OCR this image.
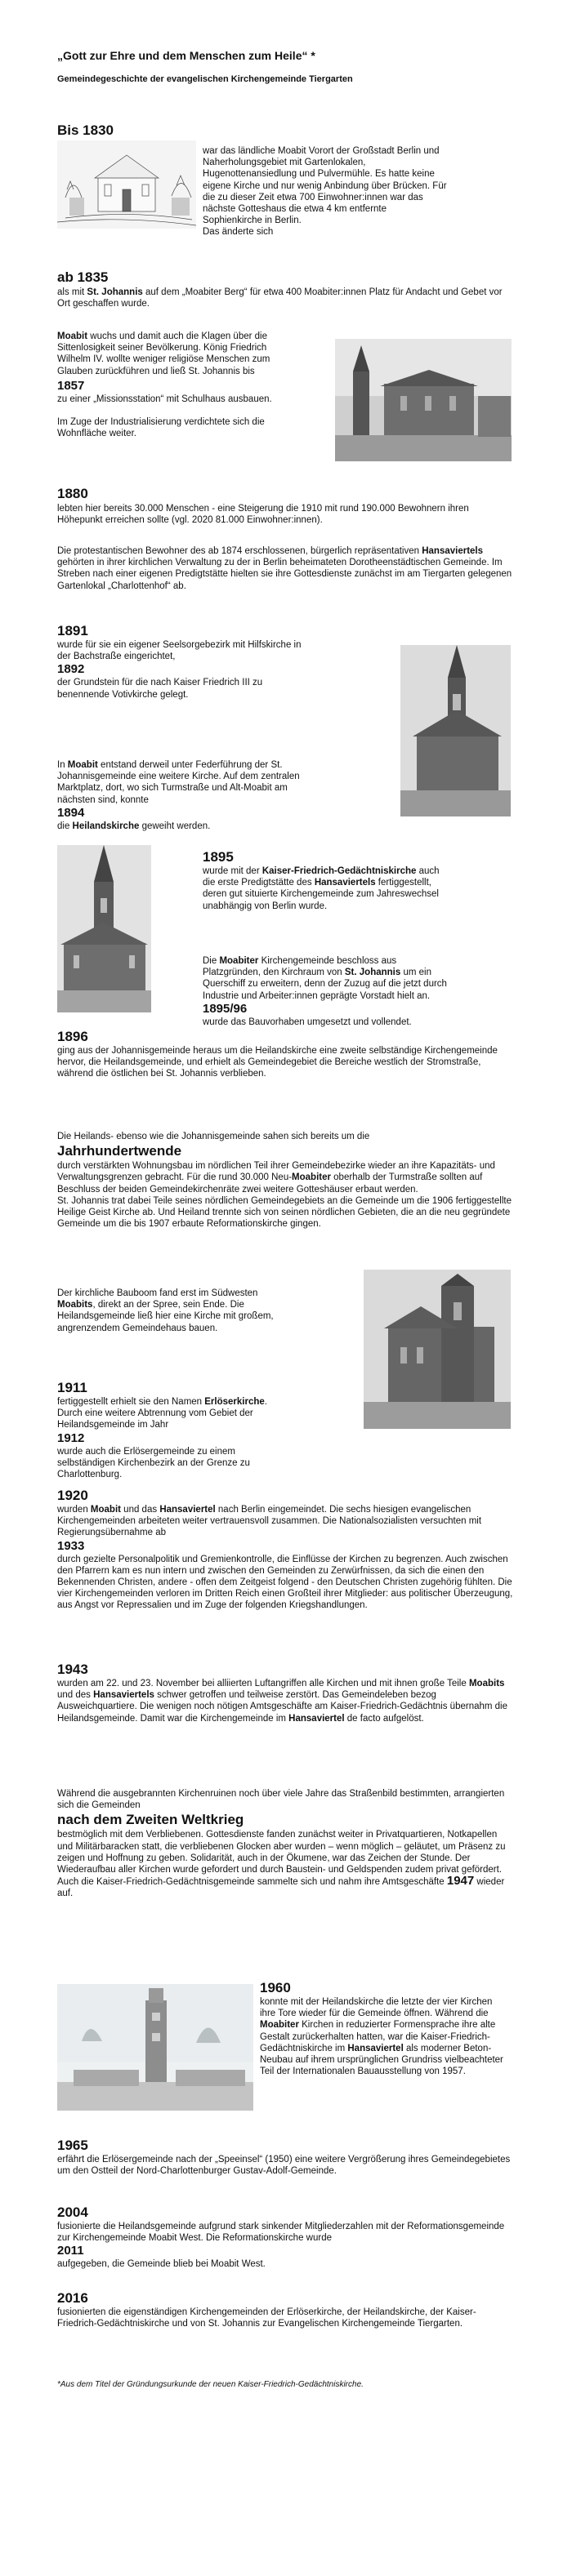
„Gott zur Ehre und dem Menschen zum Heile“ *

Gemeindegeschichte der evangelischen Kirchengemeinde Tiergarten

Bis 1830

war das ländliche Moabit Vorort der Großstadt Berlin und Naherholungsgebiet mit Gartenlokalen, Hugenottenansiedlung und Pulvermühle. Es hatte keine eigene Kirche und nur wenig Anbindung über Brücken. Für die zu dieser Zeit etwa 700 Einwohner:innen war das nächste Gotteshaus die etwa 4 km entfernte Sophienkirche in Berlin.

Das änderte sich

ab 1835

als mit St. Johannis auf dem „Moabiter Berg“ für etwa 400 Moabiter:innen Platz für Andacht und Gebet vor Ort geschaffen wurde.

Moabit wuchs und damit auch die Klagen über die Sittenlosigkeit seiner Bevölkerung. König Friedrich Wilhelm IV. wollte weniger religiöse Menschen zum Glauben zurückführen und ließ St. Johannis bis

1857

zu einer „Missionsstation“ mit Schulhaus ausbauen.

Im Zuge der Industrialisierung verdichtete sich die Wohnfläche weiter.

1880

lebten hier bereits 30.000 Menschen - eine Steigerung die 1910 mit rund 190.000 Bewohnern ihren Höhepunkt erreichen sollte (vgl. 2020 81.000 Einwohner:innen).

Die protestantischen Bewohner des ab 1874 erschlossenen, bürgerlich repräsentativen Hansaviertels gehörten in ihrer kirchlichen Verwaltung zu der in Berlin beheimateten Dorotheenstädtischen Gemeinde. Im Streben nach einer eigenen Predigtstätte hielten sie ihre Gottesdienste zunächst im am Tiergarten gelegenen Gartenlokal „Charlottenhof“ ab.

1891

wurde für sie ein eigener Seelsorgebezirk mit Hilfskirche in der Bachstraße eingerichtet,

1892

der Grundstein für die nach Kaiser Friedrich III zu benennende Votivkirche gelegt.

In Moabit entstand derweil unter Federführung der St. Johannisgemeinde eine weitere Kirche. Auf dem zentralen Marktplatz, dort, wo sich Turmstraße und Alt-Moabit am nächsten sind, konnte

1894

die Heilandskirche geweiht werden.

1895

wurde mit der Kaiser-Friedrich-Gedächtniskirche auch die erste Predigtstätte des Hansaviertels fertiggestellt, deren gut situierte Kirchengemeinde zum Jahreswechsel unabhängig von Berlin wurde.

Die Moabiter Kirchengemeinde beschloss aus Platzgründen, den Kirchraum von St. Johannis um ein Querschiff zu erweitern, denn der Zuzug auf die jetzt durch Industrie und Arbeiter:innen geprägte Vorstadt hielt an.

1895/96

wurde das Bauvorhaben umgesetzt und vollendet.

1896

ging aus der Johannisgemeinde heraus um die Heilandskirche eine zweite selbständige Kirchengemeinde hervor, die Heilandsgemeinde, und erhielt als Gemeindegebiet die Bereiche westlich der Stromstraße, während die östlichen bei St. Johannis verblieben.

Die Heilands- ebenso wie die Johannisgemeinde sahen sich bereits um die

Jahrhundertwende

durch verstärkten Wohnungsbau im nördlichen Teil ihrer Gemeindebezirke wieder an ihre Kapazitäts- und Verwaltungsgrenzen gebracht. Für die rund 30.000 Neu-Moabiter oberhalb der Turmstraße sollten auf Beschluss der beiden Gemeindekirchenräte zwei weitere Gotteshäuser erbaut werden.

St. Johannis trat dabei Teile seines nördlichen Gemeindegebiets an die Gemeinde um die 1906 fertiggestellte Heilige Geist Kirche ab. Und Heiland trennte sich von seinen nördlichen Gebieten, die an die neu gegründete Gemeinde um die bis 1907 erbaute Reformationskirche gingen.

Der kirchliche Bauboom fand erst im Südwesten Moabits, direkt an der Spree, sein Ende. Die Heilandsgemeinde ließ hier eine Kirche mit großem, angrenzendem Gemeindehaus bauen.

1911

fertiggestellt erhielt sie den Namen Erlöserkirche. Durch eine weitere Abtrennung vom Gebiet der Heilandsgemeinde im Jahr

1912

wurde auch die Erlösergemeinde zu einem selbständigen Kirchenbezirk an der Grenze zu Charlottenburg.

1920

wurden Moabit und das Hansaviertel nach Berlin eingemeindet. Die sechs hiesigen evangelischen Kirchengemeinden arbeiteten weiter vertrauensvoll zusammen. Die Nationalsozialisten versuchten mit Regierungsübernahme ab

1933

durch gezielte Personalpolitik und Gremienkontrolle, die Einflüsse der Kirchen zu begrenzen. Auch zwischen den Pfarrern kam es nun intern und zwischen den Gemeinden zu Zerwürfnissen, da sich die einen den Bekennenden Christen, andere - offen dem Zeitgeist folgend - den Deutschen Christen zugehörig fühlten. Die vier Kirchengemeinden verloren im Dritten Reich einen Großteil ihrer Mitglieder: aus politischer Überzeugung, aus Angst vor Repressalien und im Zuge der folgenden Kriegshandlungen.

1943

wurden am 22. und 23. November bei alliierten Luftangriffen alle Kirchen und mit ihnen große Teile Moabits und des Hansaviertels schwer getroffen und teilweise zerstört. Das Gemeindeleben bezog Ausweichquartiere. Die wenigen noch nötigen Amtsgeschäfte am Kaiser-Friedrich-Gedächtnis übernahm die Heilandsgemeinde. Damit war die Kirchengemeinde im Hansaviertel de facto aufgelöst.

Während die ausgebrannten Kirchenruinen noch über viele Jahre das Straßenbild bestimmten, arrangierten sich die Gemeinden

nach dem Zweiten Weltkrieg

bestmöglich mit dem Verbliebenen. Gottesdienste fanden zunächst weiter in Privatquartieren, Notkapellen und Militärbaracken statt, die verbliebenen Glocken aber wurden – wenn möglich – geläutet, um Präsenz zu zeigen und Hoffnung zu geben. Solidarität, auch in der Ökumene, war das Zeichen der Stunde. Der Wiederaufbau aller Kirchen wurde gefordert und durch Baustein- und Geldspenden zudem privat gefördert. Auch die Kaiser-Friedrich-Gedächtnisgemeinde sammelte sich und nahm ihre Amtsgeschäfte 1947 wieder auf.

1960

konnte mit der Heilandskirche die letzte der vier Kirchen ihre Tore wieder für die Gemeinde öffnen. Während die Moabiter Kirchen in reduzierter Formensprache ihre alte Gestalt zurückerhalten hatten, war die Kaiser-Friedrich-Gedächtniskirche im Hansaviertel als moderner Beton-Neubau auf ihrem ursprünglichen Grundriss vielbeachteter Teil der Internationalen Bauausstellung von 1957.

1965

erfährt die Erlösergemeinde nach der „Speeinsel“ (1950) eine weitere Vergrößerung ihres Gemeindegebietes um den Ostteil der Nord-Charlottenburger Gustav-Adolf-Gemeinde.

2004

fusionierte die Heilandsgemeinde aufgrund stark sinkender Mitgliederzahlen mit der Reformationsgemeinde zur Kirchengemeinde Moabit West. Die Reformationskirche wurde

2011

aufgegeben, die Gemeinde blieb bei Moabit West.

2016

fusionierten die eigenständigen Kirchengemeinden der Erlöserkirche, der Heilandskirche, der Kaiser-Friedrich-Gedächtniskirche und von St. Johannis zur Evangelischen Kirchengemeinde Tiergarten.

*Aus dem Titel der Gründungsurkunde der neuen Kaiser-Friedrich-Gedächtniskirche.
